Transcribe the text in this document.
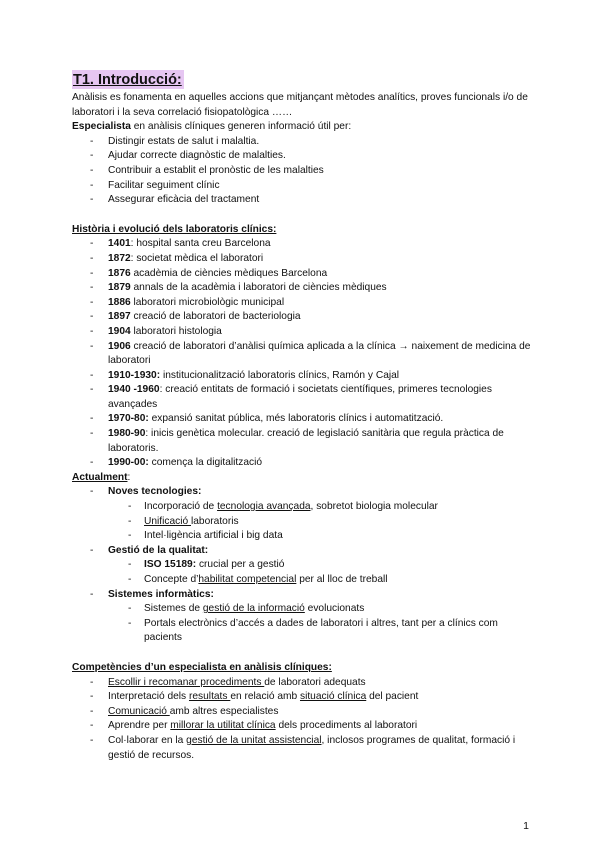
T1. Introducció:

Anàlisis es fonamenta en aquelles accions que mitjançant mètodes analítics, proves funcionals i/o de laboratori i la seva correlació fisiopatològica ……

Especialista en anàlisis clíniques generen informació útil per:

- Distingir estats de salut i malaltia.
- Ajudar correcte diagnòstic de malalties.
- Contribuir a establit el pronòstic de les malalties
- Facilitar seguiment clínic
- Assegurar eficàcia del tractament
Història i evolució dels laboratoris clínics:
- 1401: hospital santa creu Barcelona
- 1872: societat mèdica el laboratori
- 1876 acadèmia de ciències mèdiques Barcelona
- 1879 annals de la acadèmia i laboratori de ciències mèdiques
- 1886 laboratori microbiològic municipal
- 1897 creació de laboratori de bacteriologia
- 1904 laboratori histologia
- 1906 creació de laboratori d’anàlisi química aplicada a la clínica → naixement de medicina de laboratori
- 1910-1930: institucionalització laboratoris clínics, Ramón y Cajal
- 1940 -1960: creació entitats de formació i societats científiques, primeres tecnologies avançades
- 1970-80: expansió sanitat pública, més laboratoris clínics i automatització.
- 1980-90: inicis genètica molecular. creació de legislació sanitària que regula pràctica de laboratoris.
- 1990-00: comença la digitalització
Actualment:
- Noves tecnologies:
- Incorporació de tecnologia avançada, sobretot biologia molecular
- Unificació laboratoris
- Intel·ligència artificial i big data
- Gestió de la qualitat:
- ISO 15189: crucial per a gestió
- Concepte d’habilitat competencial per al lloc de treball
- Sistemes informàtics:
- Sistemes de gestió de la informació evolucionats
- Portals electrònics d’accés a dades de laboratori i altres, tant per a clínics com pacients
Competències d’un especialista en anàlisis clíniques:
- Escollir i recomanar procediments de laboratori adequats
- Interpretació dels resultats en relació amb situació clínica del pacient
- Comunicació amb altres especialistes
- Aprendre per millorar la utilitat clínica dels procediments al laboratori
- Col·laborar en la gestió de la unitat assistencial, inclosos programes de qualitat, formació i gestió de recursos.
1
